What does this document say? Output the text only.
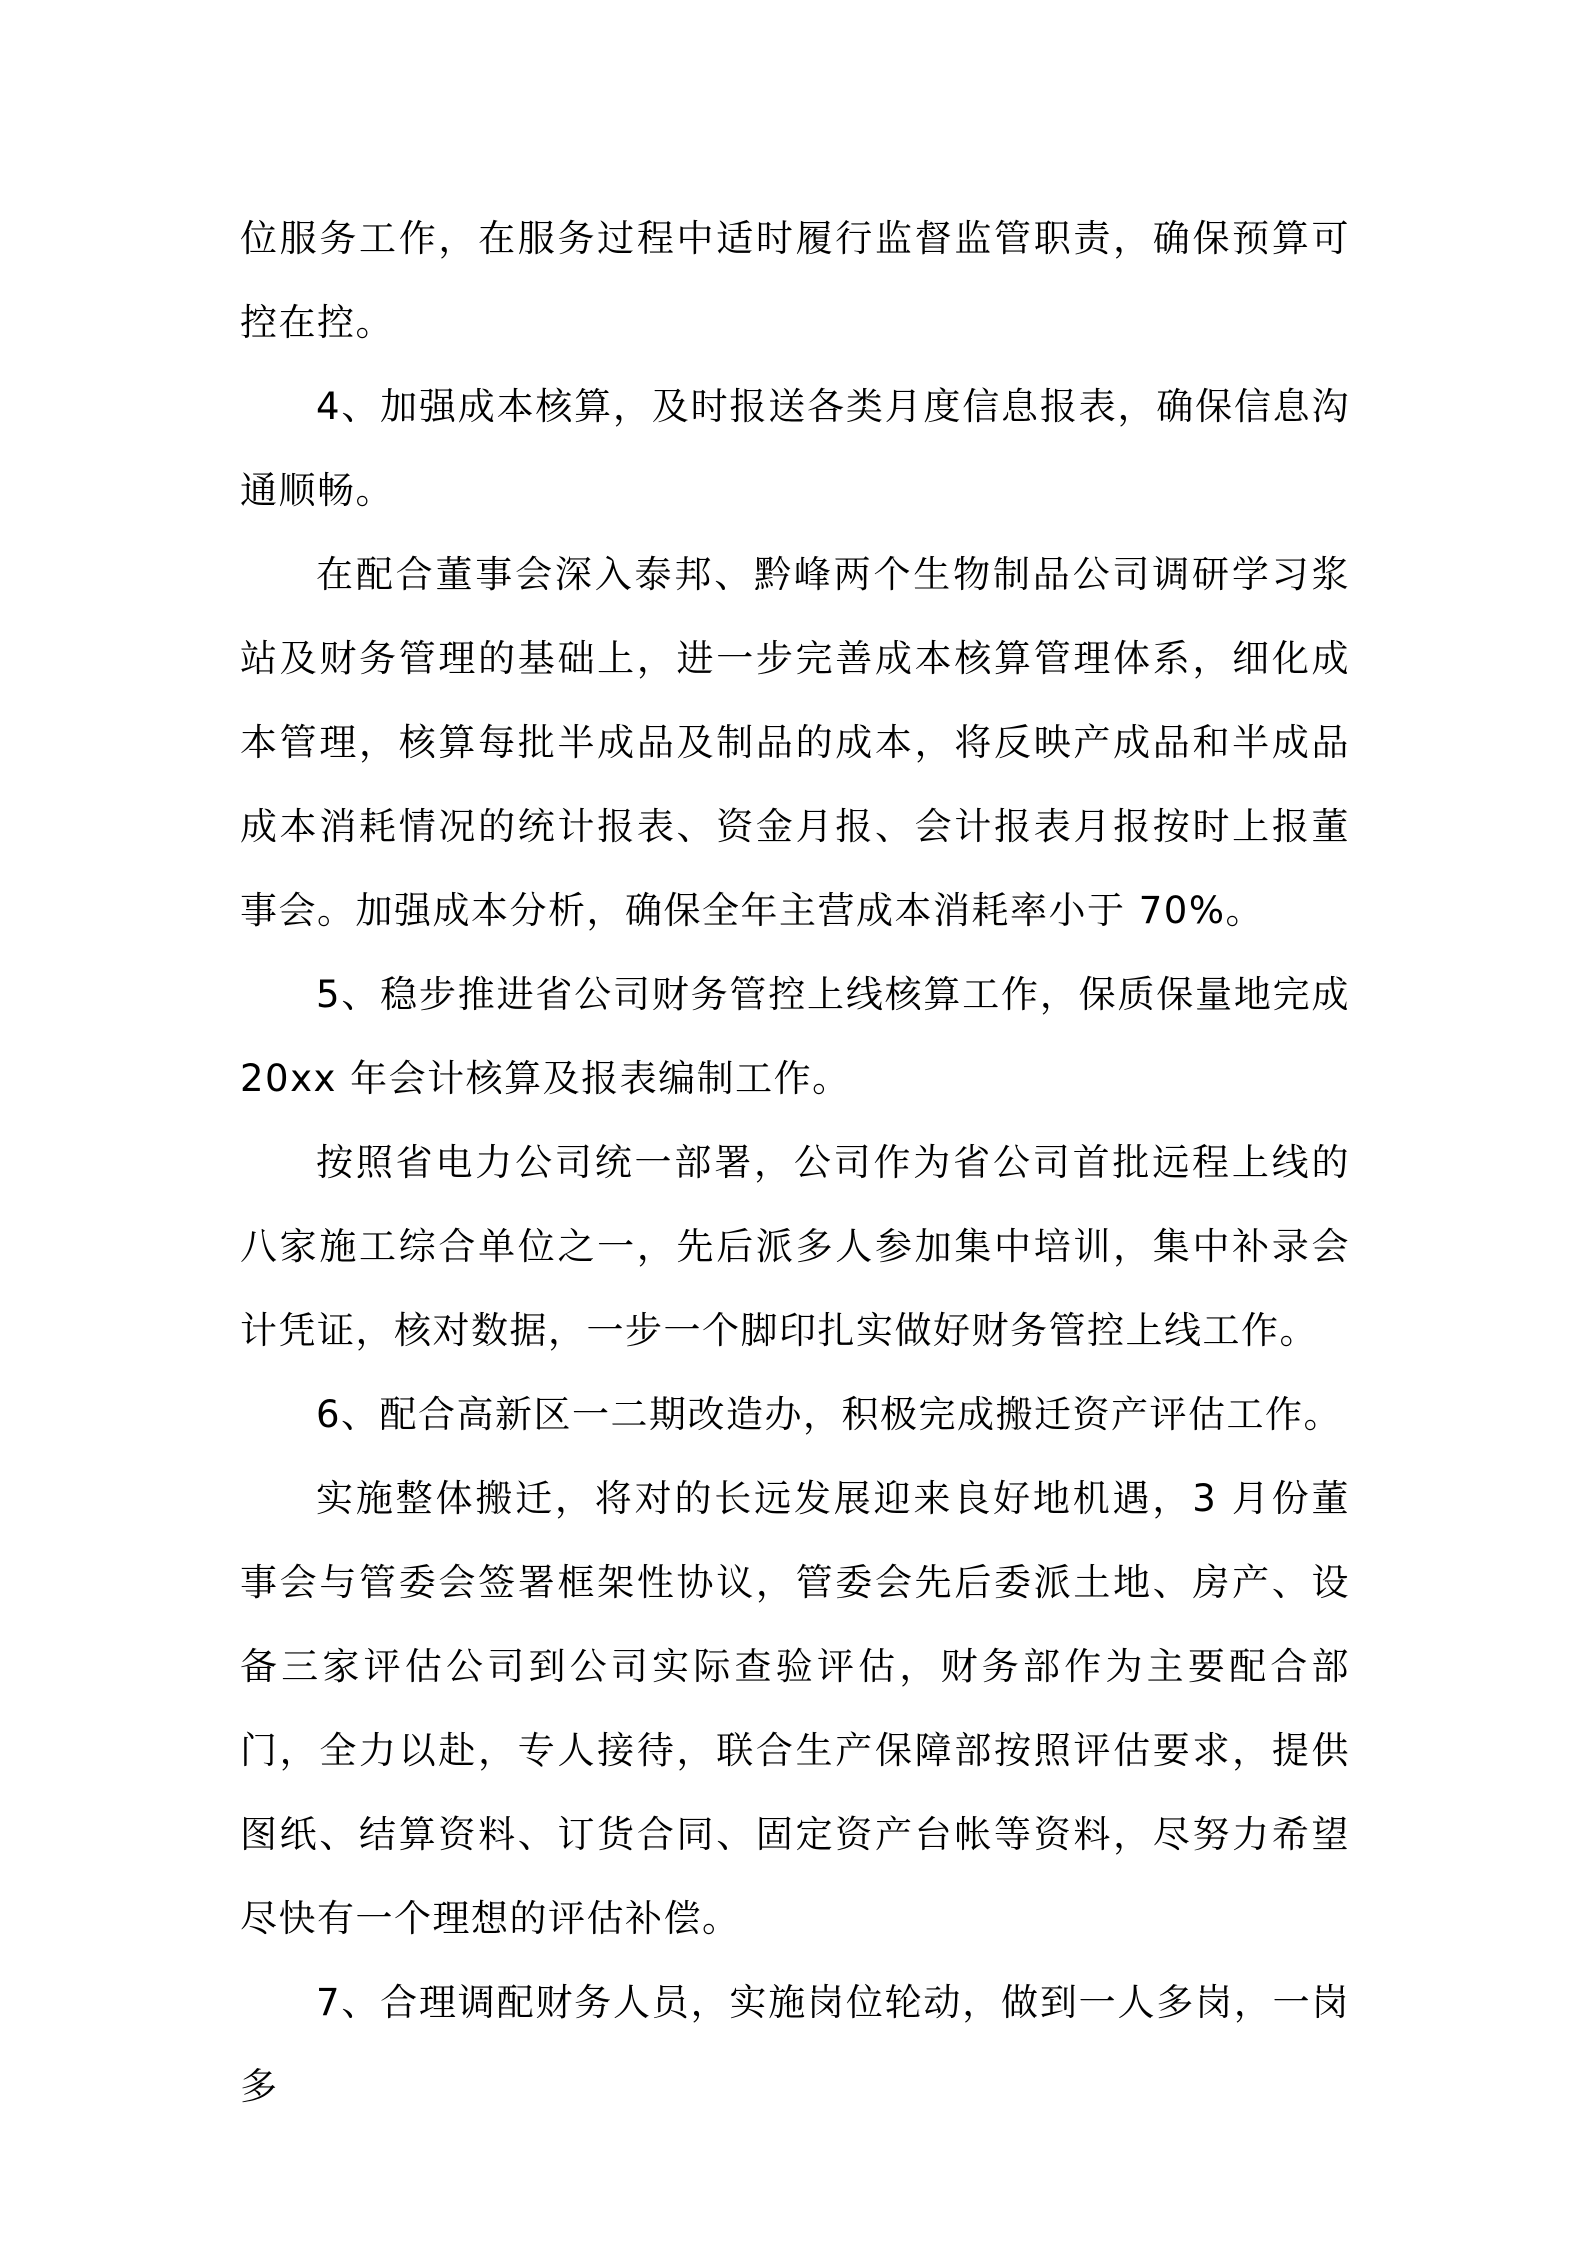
位服务工作，在服务过程中适时履行监督监管职责，确保预算可控在控。

4、加强成本核算，及时报送各类月度信息报表，确保信息沟通顺畅。

在配合董事会深入泰邦、黔峰两个生物制品公司调研学习浆站及财务管理的基础上，进一步完善成本核算管理体系，细化成本管理，核算每批半成品及制品的成本，将反映产成品和半成品成本消耗情况的统计报表、资金月报、会计报表月报按时上报董事会。加强成本分析，确保全年主营成本消耗率小于 70%。

5、稳步推进省公司财务管控上线核算工作，保质保量地完成 20xx 年会计核算及报表编制工作。

按照省电力公司统一部署，公司作为省公司首批远程上线的八家施工综合单位之一，先后派多人参加集中培训，集中补录会计凭证，核对数据，一步一个脚印扎实做好财务管控上线工作。

6、配合高新区一二期改造办，积极完成搬迁资产评估工作。

实施整体搬迁，将对的长远发展迎来良好地机遇，3 月份董事会与管委会签署框架性协议，管委会先后委派土地、房产、设备三家评估公司到公司实际查验评估，财务部作为主要配合部门，全力以赴，专人接待，联合生产保障部按照评估要求，提供图纸、结算资料、订货合同、固定资产台帐等资料，尽努力希望尽快有一个理想的评估补偿。

7、合理调配财务人员，实施岗位轮动，做到一人多岗，一岗多
